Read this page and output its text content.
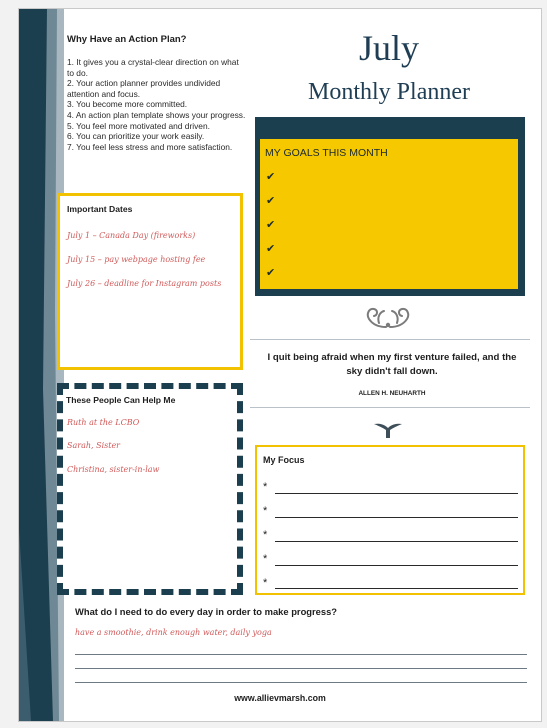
Why Have an Action Plan?
1. It gives you a crystal-clear direction on what to do.
2. Your action planner provides undivided attention and focus.
3. You become more committed.
4. An action plan template shows your progress.
5. You feel more motivated and driven.
6. You can prioritize your work easily.
7. You feel less stress and more satisfaction.
July
Monthly Planner
MY GOALS THIS MONTH
✔
✔
✔
✔
✔
Important Dates
July 1 – Canada Day (fireworks)
July 15 – pay webpage hosting fee
July 26 – deadline for Instagram posts
I quit being afraid when my first venture failed, and the sky didn't fall down.
ALLEN H. NEUHARTH
These People Can Help Me
Ruth at the LCBO
Sarah, Sister
Christina, sister-in-law
My Focus
*
*
*
*
*
What do I need to do every day in order to make progress?
have a smoothie, drink enough water, daily yoga
www.allievmarsh.com
